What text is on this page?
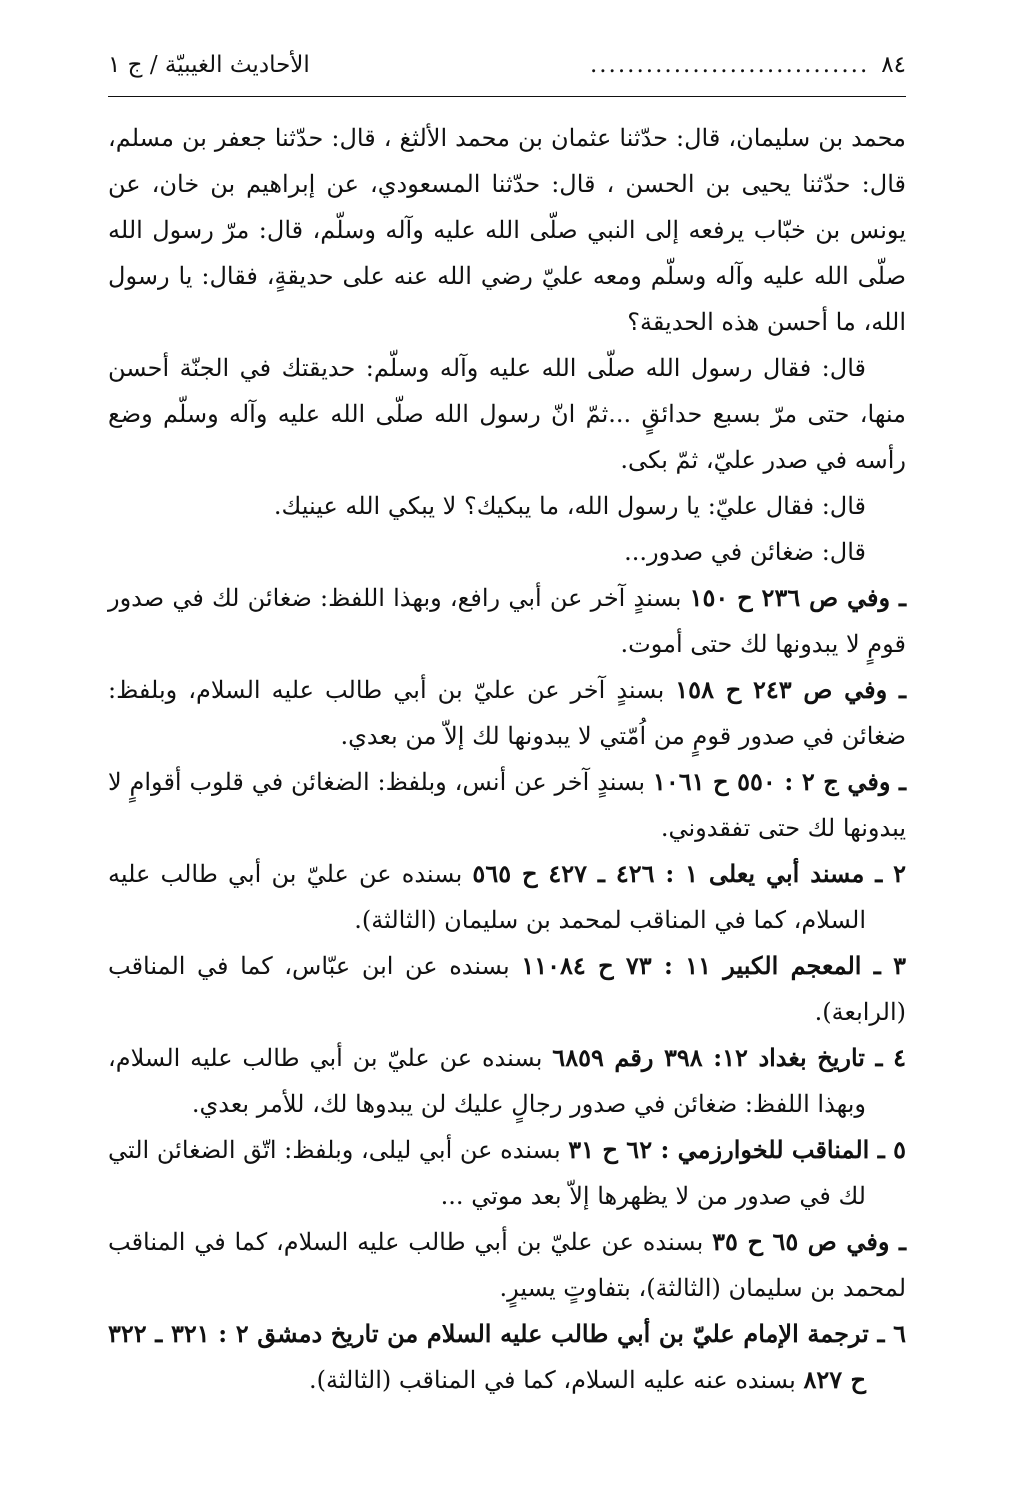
٨٤
..............................
الأحاديث الغيبيّة / ج ١

محمد بن سليمان، قال: حدّثنا عثمان بن محمد الألثغ ، قال: حدّثنا جعفر بن مسلم، قال: حدّثنا يحيى بن الحسن ، قال: حدّثنا المسعودي، عن إبراهيم بن خان، عن يونس بن خبّاب يرفعه إلى النبي صلّى الله عليه وآله وسلّم، قال: مرّ رسول الله صلّى الله عليه وآله وسلّم ومعه عليّ رضي الله عنه على حديقةٍ، فقال: يا رسول الله، ما أحسن هذه الحديقة؟

قال: فقال رسول الله صلّى الله عليه وآله وسلّم: حديقتك في الجنّة أحسن منها، حتى مرّ بسبع حدائقٍ ...ثمّ انّ رسول الله صلّى الله عليه وآله وسلّم وضع رأسه في صدر عليّ، ثمّ بكى.

قال: فقال عليّ: يا رسول الله، ما يبكيك؟ لا يبكي الله عينيك.

قال: ضغائن في صدور...

ـ وفي ص ٢٣٦ ح ١٥٠ بسندٍ آخر عن أبي رافع، وبهذا اللفظ: ضغائن لك في صدور قومٍ لا يبدونها لك حتى أموت.

ـ وفي ص ٢٤٣ ح ١٥٨ بسندٍ آخر عن عليّ بن أبي طالب عليه السلام، وبلفظ: ضغائن في صدور قومٍ من اُمّتي لا يبدونها لك إلاّ من بعدي.

ـ وفي ج ٢ : ٥٥٠ ح ١٠٦١ بسندٍ آخر عن أنس، وبلفظ: الضغائن في قلوب أقوامٍ لا يبدونها لك حتى تفقدوني.

٢ ـ مسند أبي يعلى ١ : ٤٢٦ ـ ٤٢٧ ح ٥٦٥ بسنده عن عليّ بن أبي طالب عليه السلام، كما في المناقب لمحمد بن سليمان (الثالثة).

٣ ـ المعجم الكبير ١١ : ٧٣ ح ١١٠٨٤ بسنده عن ابن عبّاس، كما في المناقب (الرابعة).

٤ ـ تاريخ بغداد ١٢: ٣٩٨ رقم ٦٨٥٩ بسنده عن عليّ بن أبي طالب عليه السلام، وبهذا اللفظ: ضغائن في صدور رجالٍ عليك لن يبدوها لك، للأمر بعدي.

٥ ـ المناقب للخوارزمي : ٦٢ ح ٣١ بسنده عن أبي ليلى، وبلفظ: اتّق الضغائن التي لك في صدور من لا يظهرها إلاّ بعد موتي ...

ـ وفي ص ٦٥ ح ٣٥ بسنده عن عليّ بن أبي طالب عليه السلام، كما في المناقب لمحمد بن سليمان (الثالثة)، بتفاوتٍ يسيرٍ.

٦ ـ ترجمة الإمام عليّ بن أبي طالب عليه السلام من تاريخ دمشق ٢ : ٣٢١ ـ ٣٢٢ ح ٨٢٧ بسنده عنه عليه السلام، كما في المناقب (الثالثة).
